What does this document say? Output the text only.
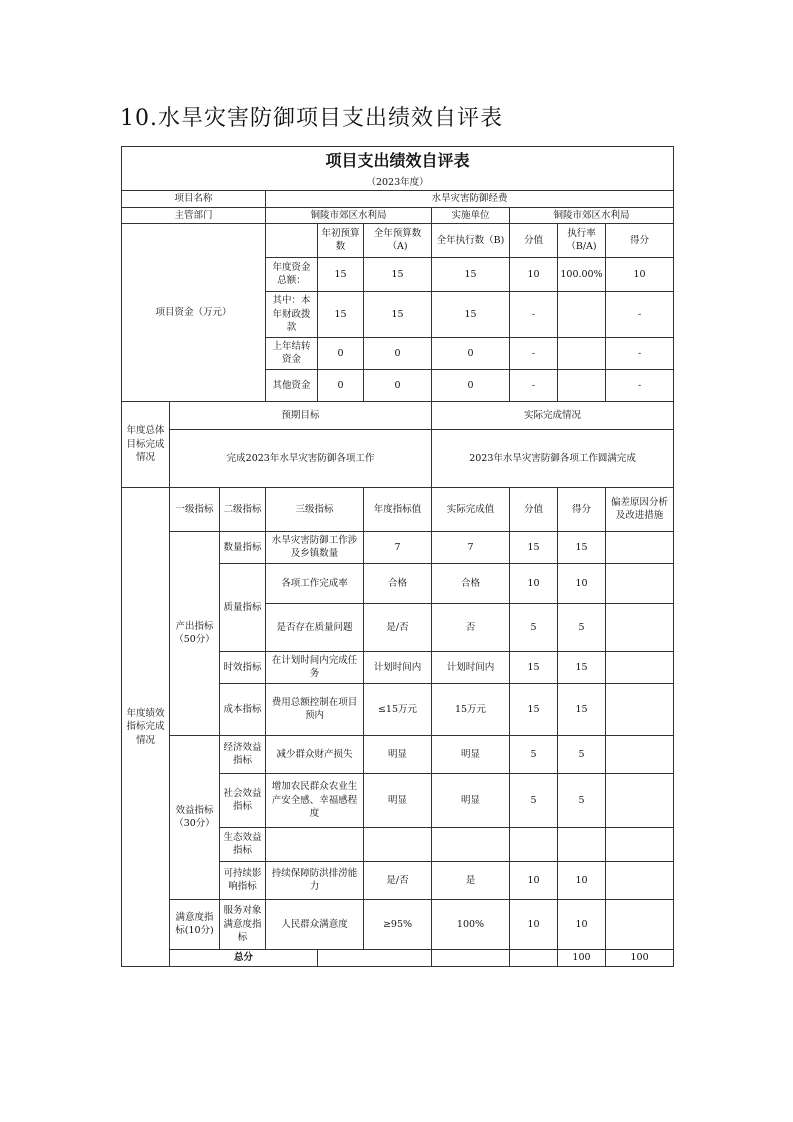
10.水旱灾害防御项目支出绩效自评表
项目支出绩效自评表										
（2023年度）										
项目名称			水旱灾害防御经费							
主管部门			铜陵市郊区水利局			实施单位	铜陵市郊区水利局			
项目资金（万元）				年初预算数	全年预算数（A)	全年执行数（B)	分值	执行率（B/A)	得分	
			年度资金总额：	15	15	15	10	100.00%	10	
			其中：本年财政拨款	15	15	15	-		-	
			上年结转资金	0	0	0	-		-	
			其他资金	0	0	0	-		-	
年度总体目标完成情况	预期目标					实际完成情况				
	完成2023年水旱灾害防御各项工作					2023年水旱灾害防御各项工作圆满完成				
年度绩效指标完成情况	一级指标	二级指标	三级指标		年度指标值	实际完成值	分值	得分	偏差原因分析及改进措施	
	产出指标（50分）	数量指标	水旱灾害防御工作涉及乡镇数量		7	7	15	15		
		质量指标	各项工作完成率		合格	合格	10	10		
			是否存在质量问题		是/否	否	5	5		
		时效指标	在计划时间内完成任务		计划时间内	计划时间内	15	15		
		成本指标	费用总额控制在项目预内		≤15万元	15万元	15	15		
	效益指标（30分）	经济效益指标	减少群众财产损失		明显	明显	5	5		
		社会效益指标	增加农民群众农业生产安全感、幸福感程度		明显	明显	5	5		
		生态效益指标								
		可持续影响指标	持续保障防洪排涝能力		是/否	是	10	10		
	满意度指标(10分)	服务对象满意度指标	人民群众满意度		≥95%	100%	10	10		
	总分							100	100	
